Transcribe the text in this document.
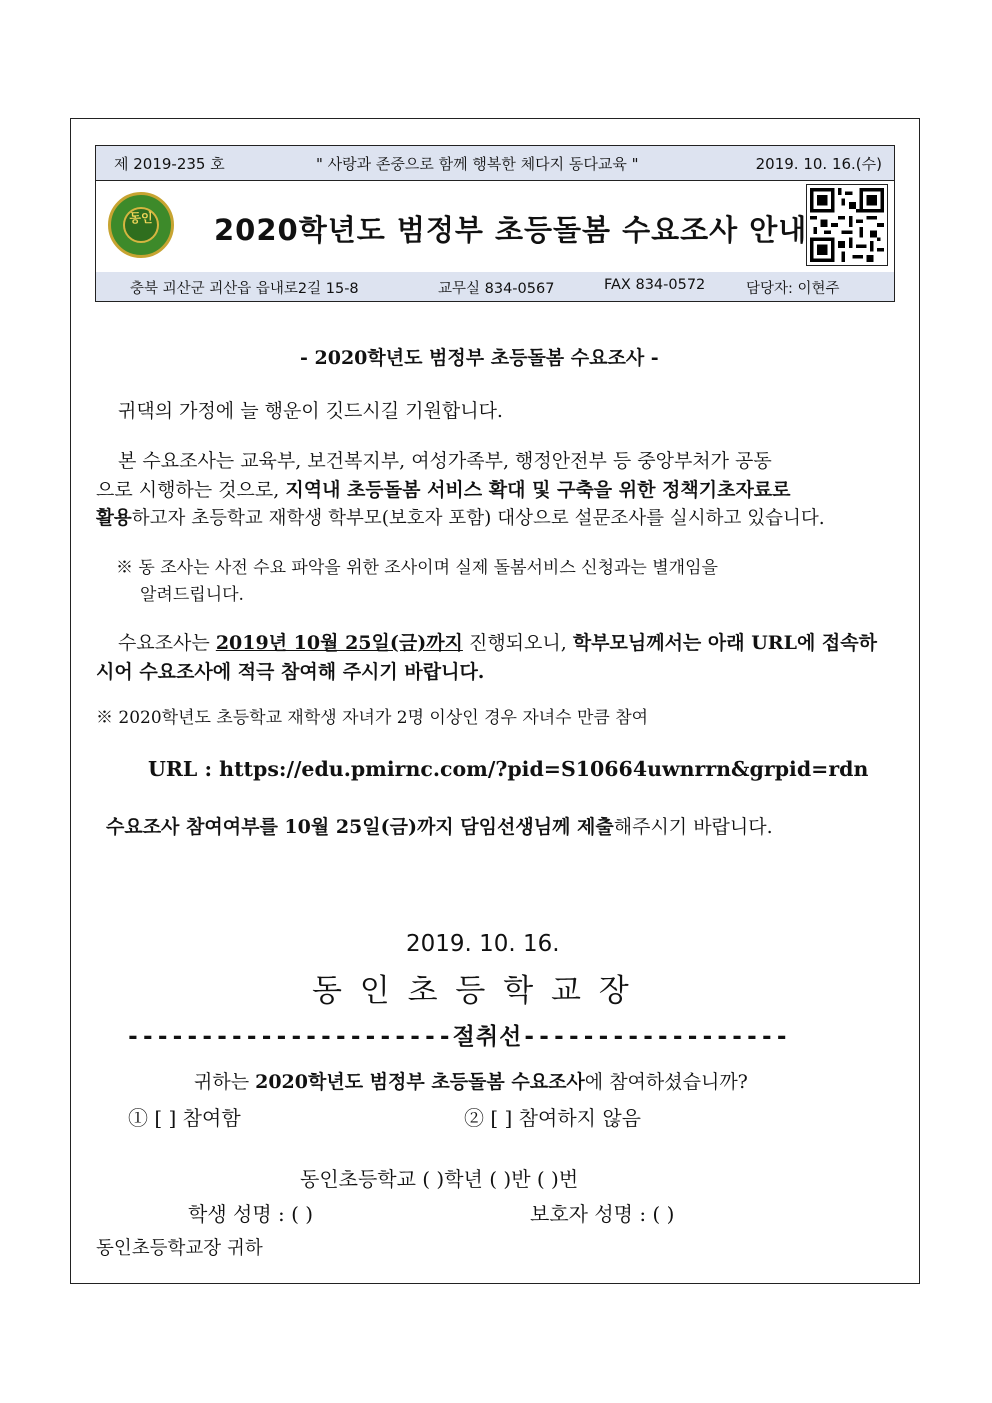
제 2019-235 호	" 사랑과 존중으로 함께 행복한 체다지 동다교육 "	2019. 10. 16.(수)
동인 2020학년도 범정부 초등돌봄 수요조사 안내
충북 괴산군 괴산읍 읍내로2길 15-8	교무실 834-0567	FAX 834-0572	담당자: 이현주
- 2020학년도 범정부 초등돌봄 수요조사 -
귀댁의 가정에 늘 행운이 깃드시길 기원합니다.
본 수요조사는 교육부, 보건복지부, 여성가족부, 행정안전부 등 중앙부처가 공동
으로 시행하는 것으로, 지역내 초등돌봄 서비스 확대 및 구축을 위한 정책기초자료로
활용하고자 초등학교 재학생 학부모(보호자 포함) 대상으로 설문조사를 실시하고 있습니다.
※ 동 조사는 사전 수요 파악을 위한 조사이며 실제 돌봄서비스 신청과는 별개임을
알려드립니다.
수요조사는 2019년 10월 25일(금)까지 진행되오니, 학부모님께서는 아래 URL에 접속하
시어 수요조사에 적극 참여해 주시기 바랍니다.
※ 2020학년도 초등학교 재학생 자녀가 2명 이상인 경우 자녀수 만큼 참여
URL : https://edu.pmirnc.com/?pid=S10664uwnrrn&grpid=rdn
수요조사 참여여부를 10월 25일(금)까지 담임선생님께 제출해주시기 바랍니다.
2019. 10. 16.
동 인 초 등 학 교 장
----------------------절취선------------------
귀하는 2020학년도 범정부 초등돌봄 수요조사에 참여하셨습니까?
① [ ] 참여함	② [ ] 참여하지 않음
동인초등학교 ( )학년 ( )반 ( )번
학생 성명 : ( )	보호자 성명 : ( )
동인초등학교장 귀하
